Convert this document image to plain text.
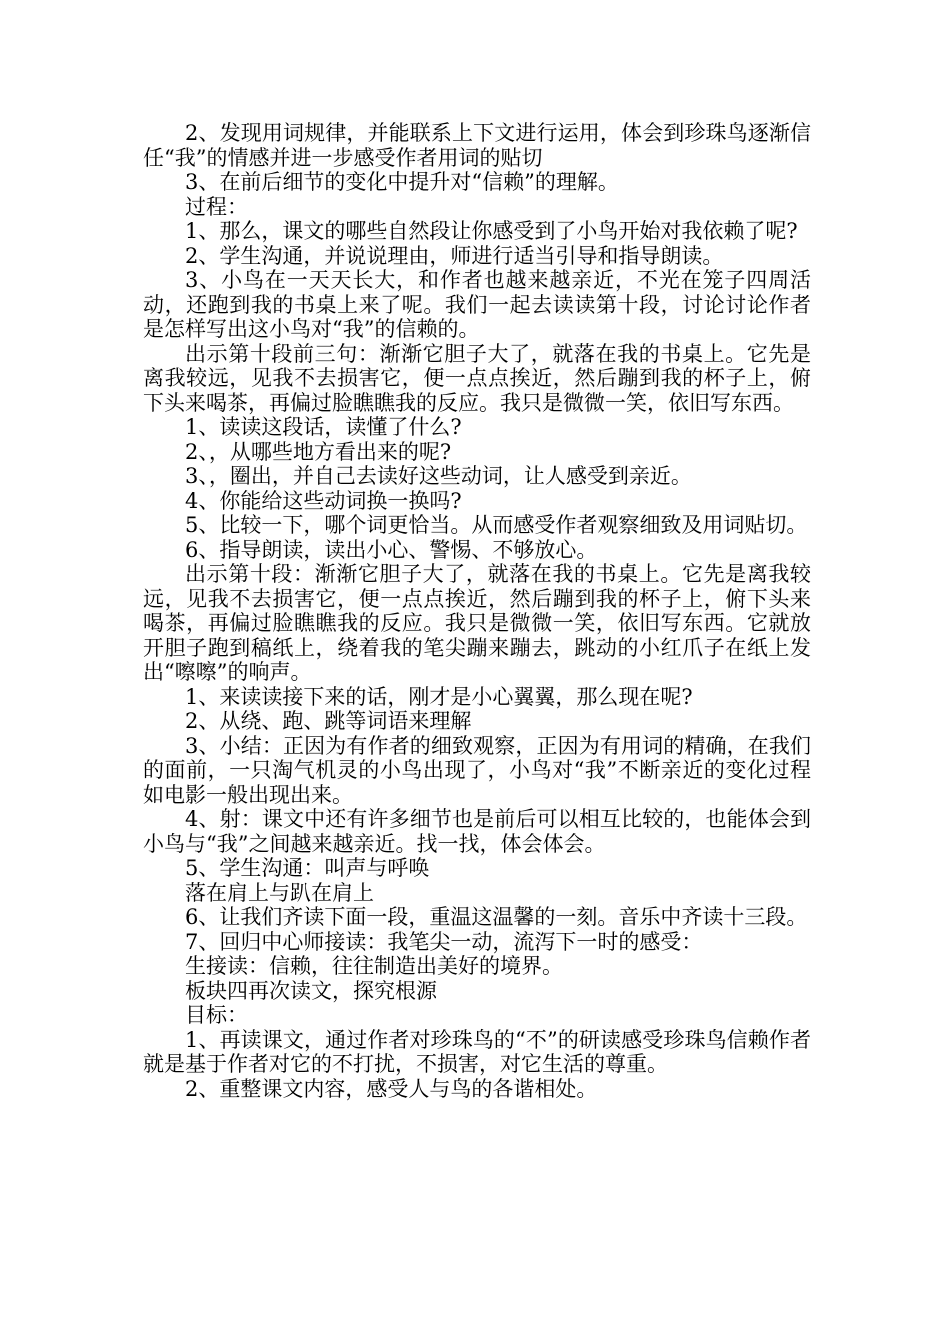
2、发现用词规律，并能联系上下文进行运用，体会到珍珠鸟逐渐信任“我”的情感并进一步感受作者用词的贴切

3、在前后细节的变化中提升对“信赖”的理解。

过程：

1、那么，课文的哪些自然段让你感受到了小鸟开始对我依赖了呢?

2、学生沟通，并说说理由，师进行适当引导和指导朗读。

3、小鸟在一天天长大，和作者也越来越亲近，不光在笼子四周活动，还跑到我的书桌上来了呢。我们一起去读读第十段，讨论讨论作者是怎样写出这小鸟对“我”的信赖的。

出示第十段前三句：渐渐它胆子大了，就落在我的书桌上。它先是离我较远，见我不去损害它，便一点点挨近，然后蹦到我的杯子上，俯下头来喝茶，再偏过脸瞧瞧我的反应。我只是微微一笑，依旧写东西。

1、读读这段话，读懂了什么?

2、，从哪些地方看出来的呢?

3、，圈出，并自己去读好这些动词，让人感受到亲近。

4、你能给这些动词换一换吗?

5、比较一下，哪个词更恰当。从而感受作者观察细致及用词贴切。

6、指导朗读，读出小心、警惕、不够放心。

出示第十段：渐渐它胆子大了，就落在我的书桌上。它先是离我较远，见我不去损害它，便一点点挨近，然后蹦到我的杯子上，俯下头来喝茶，再偏过脸瞧瞧我的反应。我只是微微一笑，依旧写东西。它就放开胆子跑到稿纸上，绕着我的笔尖蹦来蹦去，跳动的小红爪子在纸上发出“嚓嚓”的响声。

1、来读读接下来的话，刚才是小心翼翼，那么现在呢?

2、从绕、跑、跳等词语来理解

3、小结：正因为有作者的细致观察，正因为有用词的精确，在我们的面前，一只淘气机灵的小鸟出现了，小鸟对“我”不断亲近的变化过程如电影一般出现出来。

4、射：课文中还有许多细节也是前后可以相互比较的，也能体会到小鸟与“我”之间越来越亲近。找一找，体会体会。

5、学生沟通：叫声与呼唤

落在肩上与趴在肩上

6、让我们齐读下面一段，重温这温馨的一刻。音乐中齐读十三段。

7、回归中心师接读：我笔尖一动，流泻下一时的感受：

生接读：信赖，往往制造出美好的境界。

板块四再次读文，探究根源

目标：

1、再读课文，通过作者对珍珠鸟的“不”的研读感受珍珠鸟信赖作者就是基于作者对它的不打扰，不损害，对它生活的尊重。

2、重整课文内容，感受人与鸟的各谐相处。
